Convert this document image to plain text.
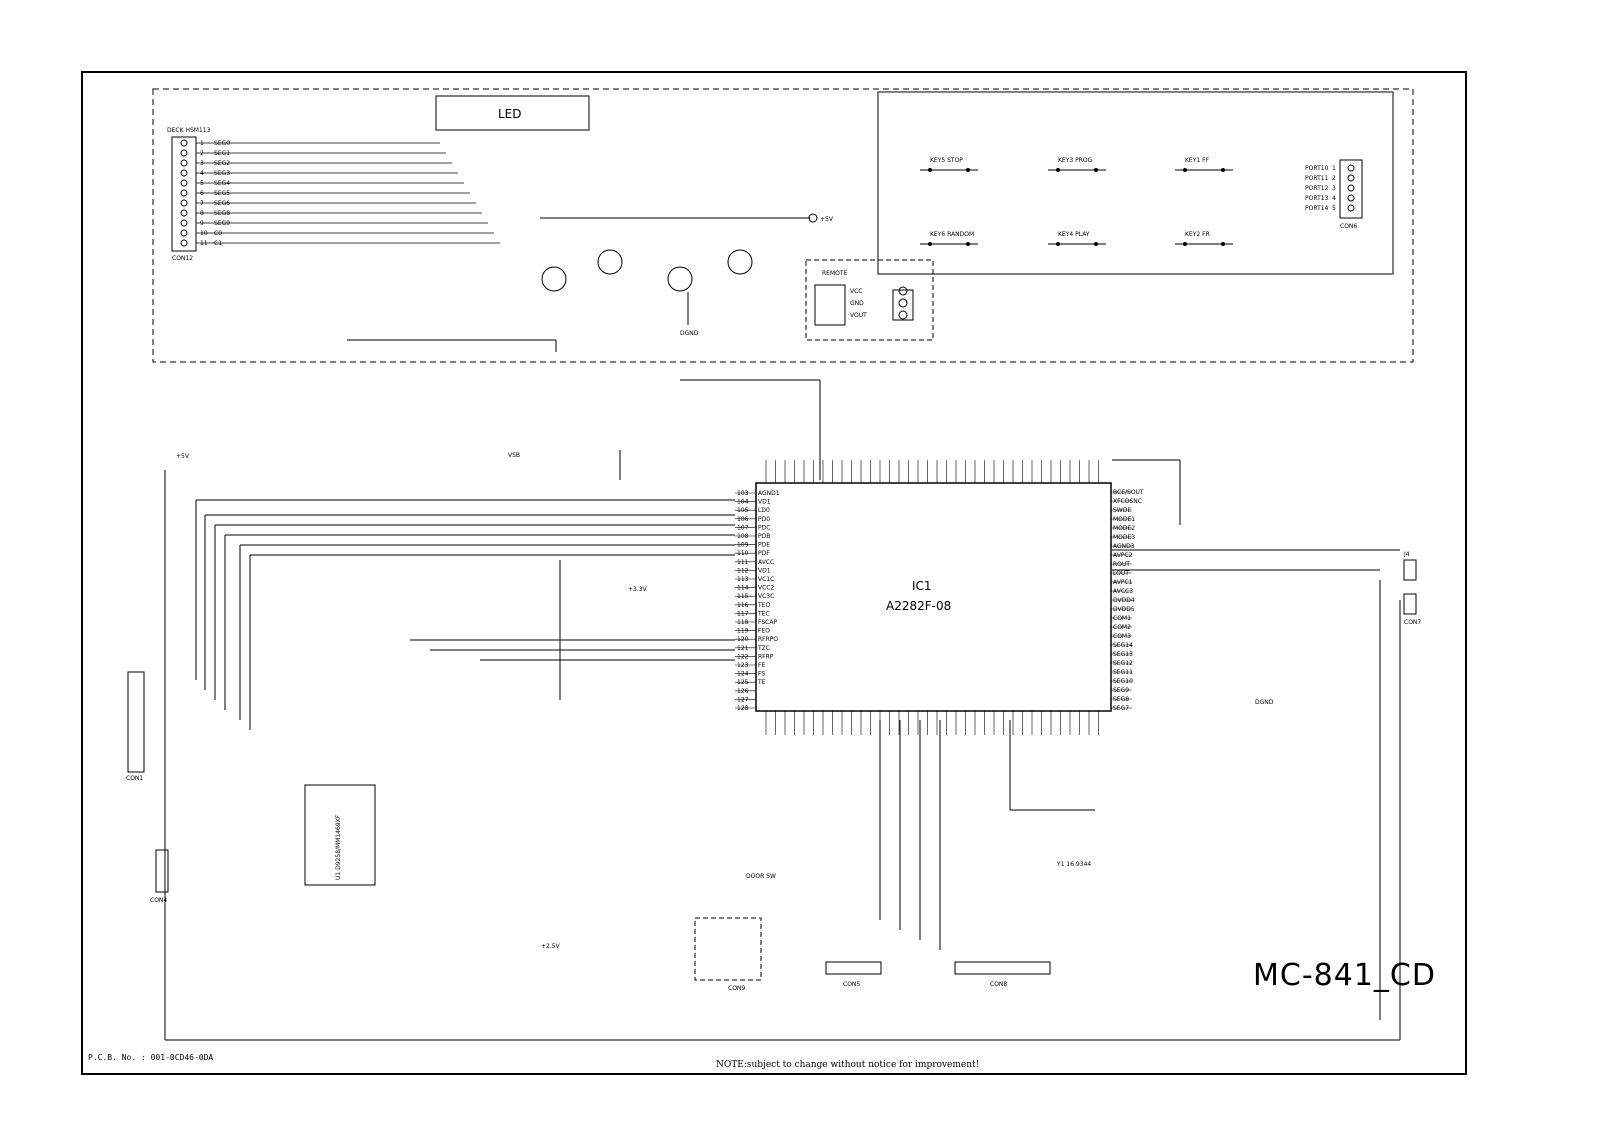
LED
DECK HSM113
CON12
1 SEG0
2 SEG1
3 SEG2
4 SEG3
5 SEG4
6 SEG5
7 SEG6
8 SEG8
9 SEG9
10 C0
11 C1
+5V
DGND
KEY5 STOP	KEY3 PROG	KEY1 FF
KEY6 RANDOM	KEY4 PLAY	KEY2 FR
CON6
PORT10 1
PORT11 2
PORT12 3
PORT13 4
PORT14 5
REMOTE
VCC
GND
VOUT
IC1
A2282F-08
103 AGND1
104 VD1
105 LD0
106 PD0
107 PDC
108 PDB
109 PDE
110 PDF
111 AVCC
112 VD1
113 VC1C
114 VCC2
115 VC3C
116 TEO
117 TEC
118 FSCAP
119 FEO
120 RFRPO
121 TZC
122 RFRP
123 FE
124 FS
125 TE
126
127
128
BCE/SOUT
XFCOSNC
SWDE
MODE1
MODE2
MODE3
AGND3
AVPC2
ROUT
LOUT
AVPC1
AVCC3
DVDD4
DVDD5
COM1
COM2
COM3
SEG14
SEG13
SEG12
SEG11
SEG10
SEG9
SEG8
SEG7
CON1
U1 D9258/MM1469XF
CON4
J4
CON7
CON5	CON8
CON9
Y1 16.9344
DOOR SW
VSB
+5V
+3.3V
+2.5V
DGND
MC-841_CD
P.C.B. No. : 001-0CD46-0DA
NOTE:subject to change without notice for improvement!
